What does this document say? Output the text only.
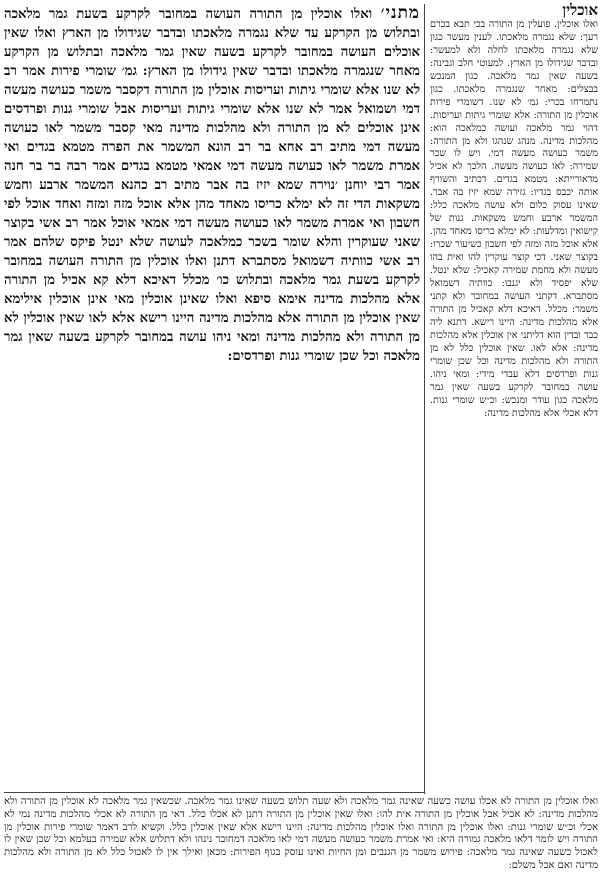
מתני׳ ואלו אוכלין מן התורה העושה במחובר לקרקע בשעת גמר מלאכה ובתלוש מן הקרקע עד שלא נגמרה מלאכתו ובדבר שגידולו מן הארץ ואלו שאין אוכלים העושה במחובר לקרקע בשעה שאין גמר מלאכה ובתלוש מן הקרקע מאחר שנגמרה מלאכתו ובדבר שאין גידולו מן הארץ: גמ׳ שומרי פירות אמר רב לא שנו אלא שומרי גיתות ועריסות אוכלין מן התורה דקסבר משמר כעושה מעשה דמי ושמואל אמר לא שנו אלא שומרי גיתות ועריסות אבל שומרי גנות ופרדסים אינן אוכלים לא מן התורה ולא מהלכות מדינה מאי קסבר משמר לאו כעושה מעשה דמי מתיב רב אחא בר רב הונא המשמר את הפרה מטמא בגדים ואי אמרת משמר לאו כעושה מעשה דמי אמאי מטמא בגדים אמר רבה בר בר חנה אמר רבי יוחנן ׳נוירה שמא יזיז בה אבר מתיב רב כהנא המשמר ארבע וחמש משקאות הדי זה לא ימלא כריסו מאחד מהן אלא אוכל מזה ומזה ואחד אוכל לפי חשבון ואי אמרת משמר לאו כעושה מעשה דמי אמאי אוכל אמר רב אשי בקוצר שאני שעוקרין והלא שומר בשכר כמלאכה לעושה שלא ינטל פיקס שלהם אמר רב אשי כוותיה דשמואל מסתברא דתנן ואלו אוכלין מן התורה העושה במחובר לקרקע בשעת גמר מלאכה ובתלוש כו׳ מכלל דאיכא דלא קא אכיל מן התורה אלא מהלכות מדינה אימא סיפא ואלו שאינן אוכלין מאי אינן אוכלין אילימא שאין אוכלין מן התורה אלא מהלכות מדינה היינו רישא אלא לאו שאין אוכלין לא מן התורה ולא מהלכות מדינה ומאי ניהו עושה במחובר לקרקע בשעה שאין גמר מלאכה וכל שכן שומרי גנות ופרדסים:

אוכלין

ואלו אוכלין. פועלין מן התורה בכי תבא בכרם רעך: שלא נגמרה מלאכתו. לענין מעשר כגון שלא נגמרה מלאכתו לחלה ולא למעשר: ובדבר שגידולו מן הארץ. למעוטי חלב וגבינה: בשעה שאין גמר מלאכה. כגון המנכש בבצלים: מאחר שנגמרה מלאכתו. כגון נתמרחו בכרי: גמ׳ לא שנו. דשומרי פירות אוכלין מן התורה: אלא שומרי גיתות ועריסות. דהוי גמר מלאכה ועושה כמלאכה הוא: מהלכות מדינה. מנהג שנהגו ולא מן התורה: משמר כעושה מעשה דמי. ויש לו שכר שמירה: לאו כעושה מעשה. הלכך לא אכיל מדאורייתא: מטמא בגדים. דכתיב והשורף אותה יכבס בגדיו: גזירה שמא יזיז בה אבר. שאינו עסוק כלום ולא עושה מלאכה כלל: המשמר ארבע וחמש משקאות. גנות של קישואין ומדלעות: לא ימלא כריסו מאחד מהן. אלא אוכל מזה ומזה לפי חשבון כשיעור שכרו: בקוצר שאני. דכי קוצר עוקרין להו ואית בהו מעשה ולא מחמת שמירה קאכיל: שלא ינטל. שלא יפסיד ולא יגנבו: כוותיה דשמואל מסתברא. דקתני העושה במחובר ולא קתני משמר: מכלל. דאיכא דלא קאכיל מן התורה אלא מהלכות מדינה: היינו רישא. דתנא ליה כבר ובדין הוא דליתני אין אוכלין אלא מהלכות מדינה: אלא לאו. שאין אוכלין כלל לא מן התורה ולא מהלכות מדינה וכל שכן שומרי גנות ופרדסים דלא עבדי מידי: ומאי ניהו. עושה במחובר לקרקע בשעה שאין גמר מלאכה כגון עודר ומנכש: וכ״ש שומרי גנות. דלא אכלי אלא מהלכות מדינה:

ואלו אוכלין מן התורה לא אכלו עושה כשעה שאינה גמר מלאכה ולא שעה תלוש כשעה שאינו גמר מלאכה. שכשאין גמר מלאכה לא אוכלין מן התורה ולא מהלכות מדינה: לא אכיל אבל אוכלין מן התורה אית להו: ואלו שאין אוכלין מן התורה דתנן לא אכלו כלל. דאי מן התורה לא אכלי מהלכות מדינה נמי לא אכלי וכ״ש שומרי גנות: ואלו אוכלין מן התורה ואלו אוכלין מהלכות מדינה: היינו רישא אלא שאין אוכלין כלל. וקשיא לרב דאמר שומרי פירות אוכלין מן התורה ויש לומר דלאו מלאכה גמורה היא: ואי אמרת משמר כעושה מעשה דמי לאו מלאכה דמחובר נינהו ולא דתלוש אלא שמירה בעלמא וכל שכן שאין לו לאכול כשעה שאינה גמר מלאכה: פירוש משמר מן הגנבים ומן החיות ואינו עוסק בגוף הפירות: מכאן ואילך אין לו לאכול כלל לא מן התורה ולא מהלכות מדינה ואם אכל משלם:
